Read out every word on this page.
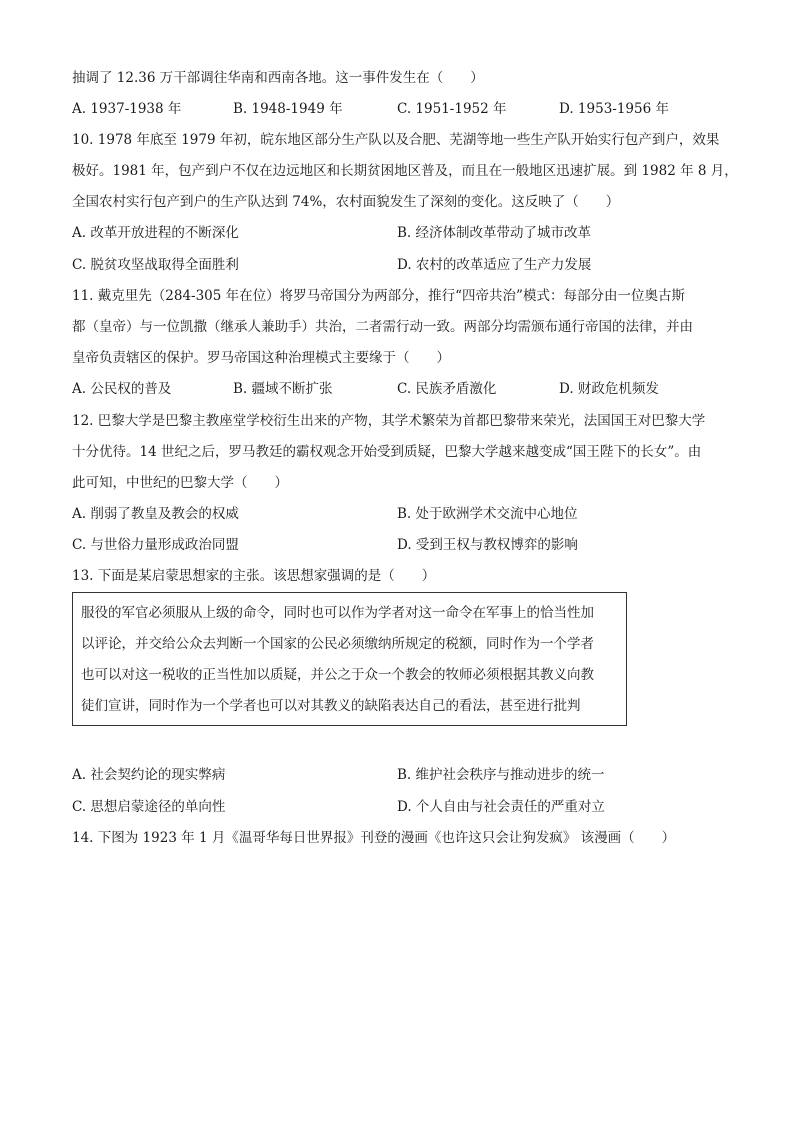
抽调了 12.36 万干部调往华南和西南各地。这一事件发生在（　　）
A. 1937-1938 年	B. 1948-1949 年	C. 1951-1952 年	D. 1953-1956 年
10. 1978 年底至 1979 年初，皖东地区部分生产队以及合肥、芜湖等地一些生产队开始实行包产到户，效果
极好。1981 年，包产到户不仅在边远地区和长期贫困地区普及，而且在一般地区迅速扩展。到 1982 年 8 月，
全国农村实行包产到户的生产队达到 74%，农村面貌发生了深刻的变化。这反映了（　　）
A. 改革开放进程的不断深化	B. 经济体制改革带动了城市改革
C. 脱贫攻坚战取得全面胜利	D. 农村的改革适应了生产力发展
11. 戴克里先（284-305 年在位）将罗马帝国分为两部分，推行“四帝共治”模式：每部分由一位奥古斯
都（皇帝）与一位凯撒（继承人兼助手）共治，二者需行动一致。两部分均需颁布通行帝国的法律，并由
皇帝负责辖区的保护。罗马帝国这种治理模式主要缘于（　　）
A. 公民权的普及	B. 疆域不断扩张	C. 民族矛盾激化	D. 财政危机频发
12. 巴黎大学是巴黎主教座堂学校衍生出来的产物，其学术繁荣为首都巴黎带来荣光，法国国王对巴黎大学
十分优待。14 世纪之后，罗马教廷的霸权观念开始受到质疑，巴黎大学越来越变成“国王陛下的长女”。由
此可知，中世纪的巴黎大学（　　）
A. 削弱了教皇及教会的权威	B. 处于欧洲学术交流中心地位
C. 与世俗力量形成政治同盟	D. 受到王权与教权博弈的影响
13. 下面是某启蒙思想家的主张。该思想家强调的是（　　）
服役的军官必须服从上级的命令，同时也可以作为学者对这一命令在军事上的恰当性加
以评论，并交给公众去判断一个国家的公民必须缴纳所规定的税额，同时作为一个学者
也可以对这一税收的正当性加以质疑，并公之于众一个教会的牧师必须根据其教义向教
徒们宣讲，同时作为一个学者也可以对其教义的缺陷表达自己的看法，甚至进行批判
A. 社会契约论的现实弊病	B. 维护社会秩序与推动进步的统一
C. 思想启蒙途径的单向性	D. 个人自由与社会责任的严重对立
14. 下图为 1923 年 1 月《温哥华每日世界报》刊登的漫画《也许这只会让狗发疯》 该漫画（　　）
